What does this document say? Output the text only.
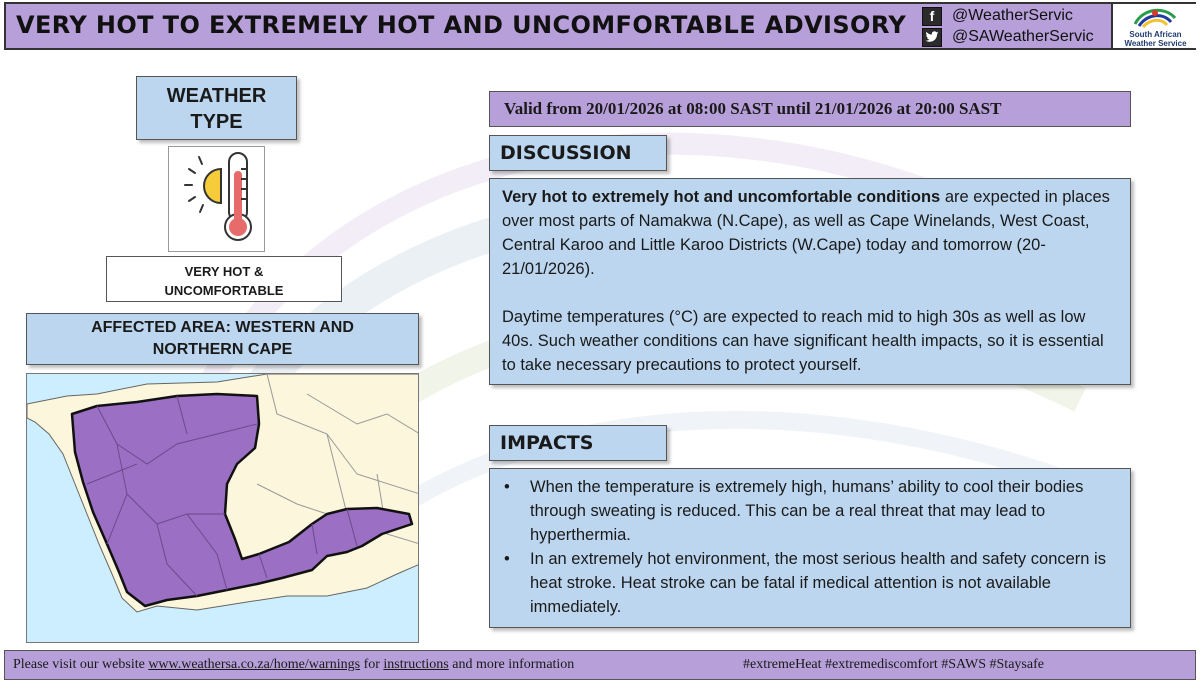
VERY HOT TO EXTREMELY HOT AND UNCOMFORTABLE ADVISORY	f	@WeatherServic
@SAWeatherServic	South African
Weather Service
WEATHER
TYPE
VERY HOT &
UNCOMFORTABLE
AFFECTED AREA: WESTERN AND
NORTHERN CAPE
Valid from 20/01/2026 at 08:00 SAST until 21/01/2026 at 20:00 SAST
DISCUSSION

Very hot to extremely hot and uncomfortable conditions are expected in places over most parts of Namakwa (N.Cape), as well as Cape Winelands, West Coast, Central Karoo and Little Karoo Districts (W.Cape) today and tomorrow (20-21/01/2026).

Daytime temperatures (°C) are expected to reach mid to high 30s as well as low 40s. Such weather conditions can have significant health impacts, so it is essential to take necessary precautions to protect yourself.

IMPACTS
• When the temperature is extremely high, humans’ ability to cool their bodies through sweating is reduced. This can be a real threat that may lead to hyperthermia.
• In an extremely hot environment, the most serious health and safety concern is heat stroke. Heat stroke can be fatal if medical attention is not available immediately.
Please visit our website www.weathersa.co.za/home/warnings for instructions and more information	#extremeHeat #extremediscomfort #SAWS #Staysafe
